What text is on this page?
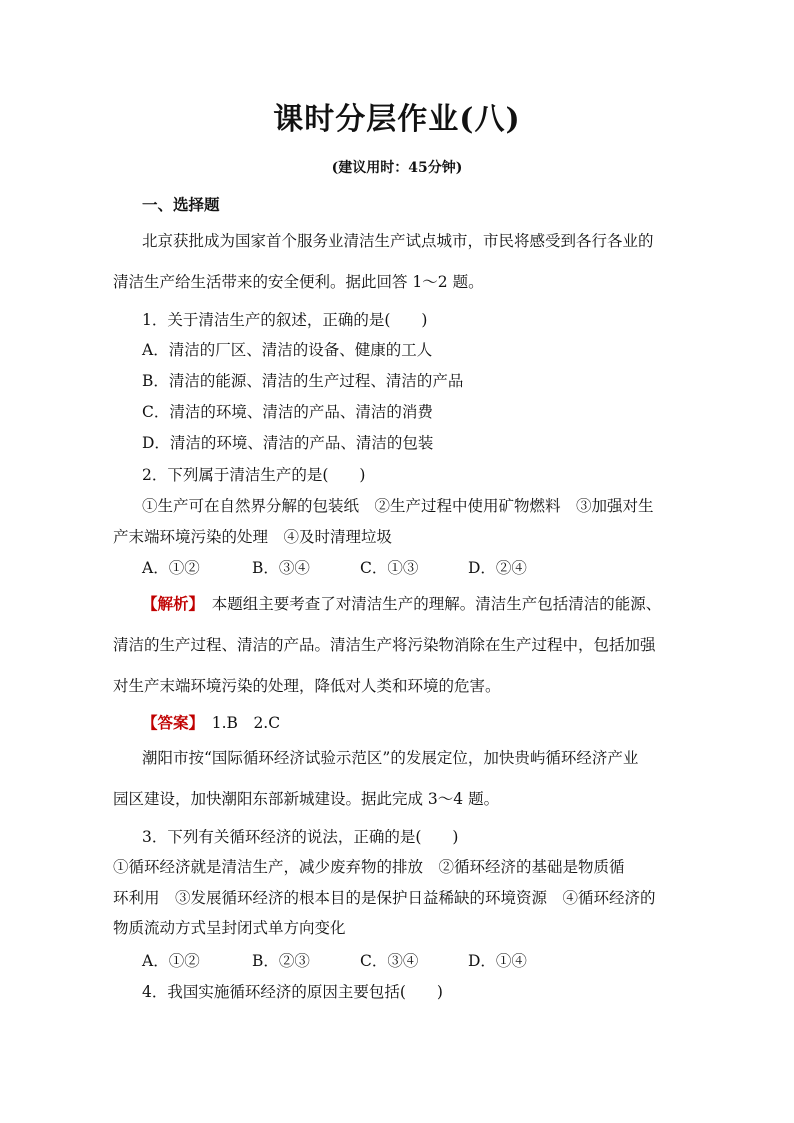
课时分层作业(八)
(建议用时：45分钟)
一、选择题
北京获批成为国家首个服务业清洁生产试点城市，市民将感受到各行各业的
清洁生产给生活带来的安全便利。据此回答 1～2 题。
1．关于清洁生产的叙述，正确的是(　　)
A．清洁的厂区、清洁的设备、健康的工人
B．清洁的能源、清洁的生产过程、清洁的产品
C．清洁的环境、清洁的产品、清洁的消费
D．清洁的环境、清洁的产品、清洁的包装
2．下列属于清洁生产的是(　　)
①生产可在自然界分解的包装纸　②生产过程中使用矿物燃料　③加强对生
产末端环境污染的处理　④及时清理垃圾
A．①②	B．③④	C．①③	D．②④
【解析】　本题组主要考查了对清洁生产的理解。清洁生产包括清洁的能源、
清洁的生产过程、清洁的产品。清洁生产将污染物消除在生产过程中，包括加强
对生产末端环境污染的处理，降低对人类和环境的危害。
【答案】　1.B　2.C
潮阳市按“国际循环经济试验示范区”的发展定位，加快贵屿循环经济产业
园区建设，加快潮阳东部新城建设。据此完成 3～4 题。
3．下列有关循环经济的说法，正确的是(　　)
①循环经济就是清洁生产，减少废弃物的排放　②循环经济的基础是物质循
环利用　③发展循环经济的根本目的是保护日益稀缺的环境资源　④循环经济的
物质流动方式呈封闭式单方向变化
A．①②	B．②③	C．③④	D．①④
4．我国实施循环经济的原因主要包括(　　)
